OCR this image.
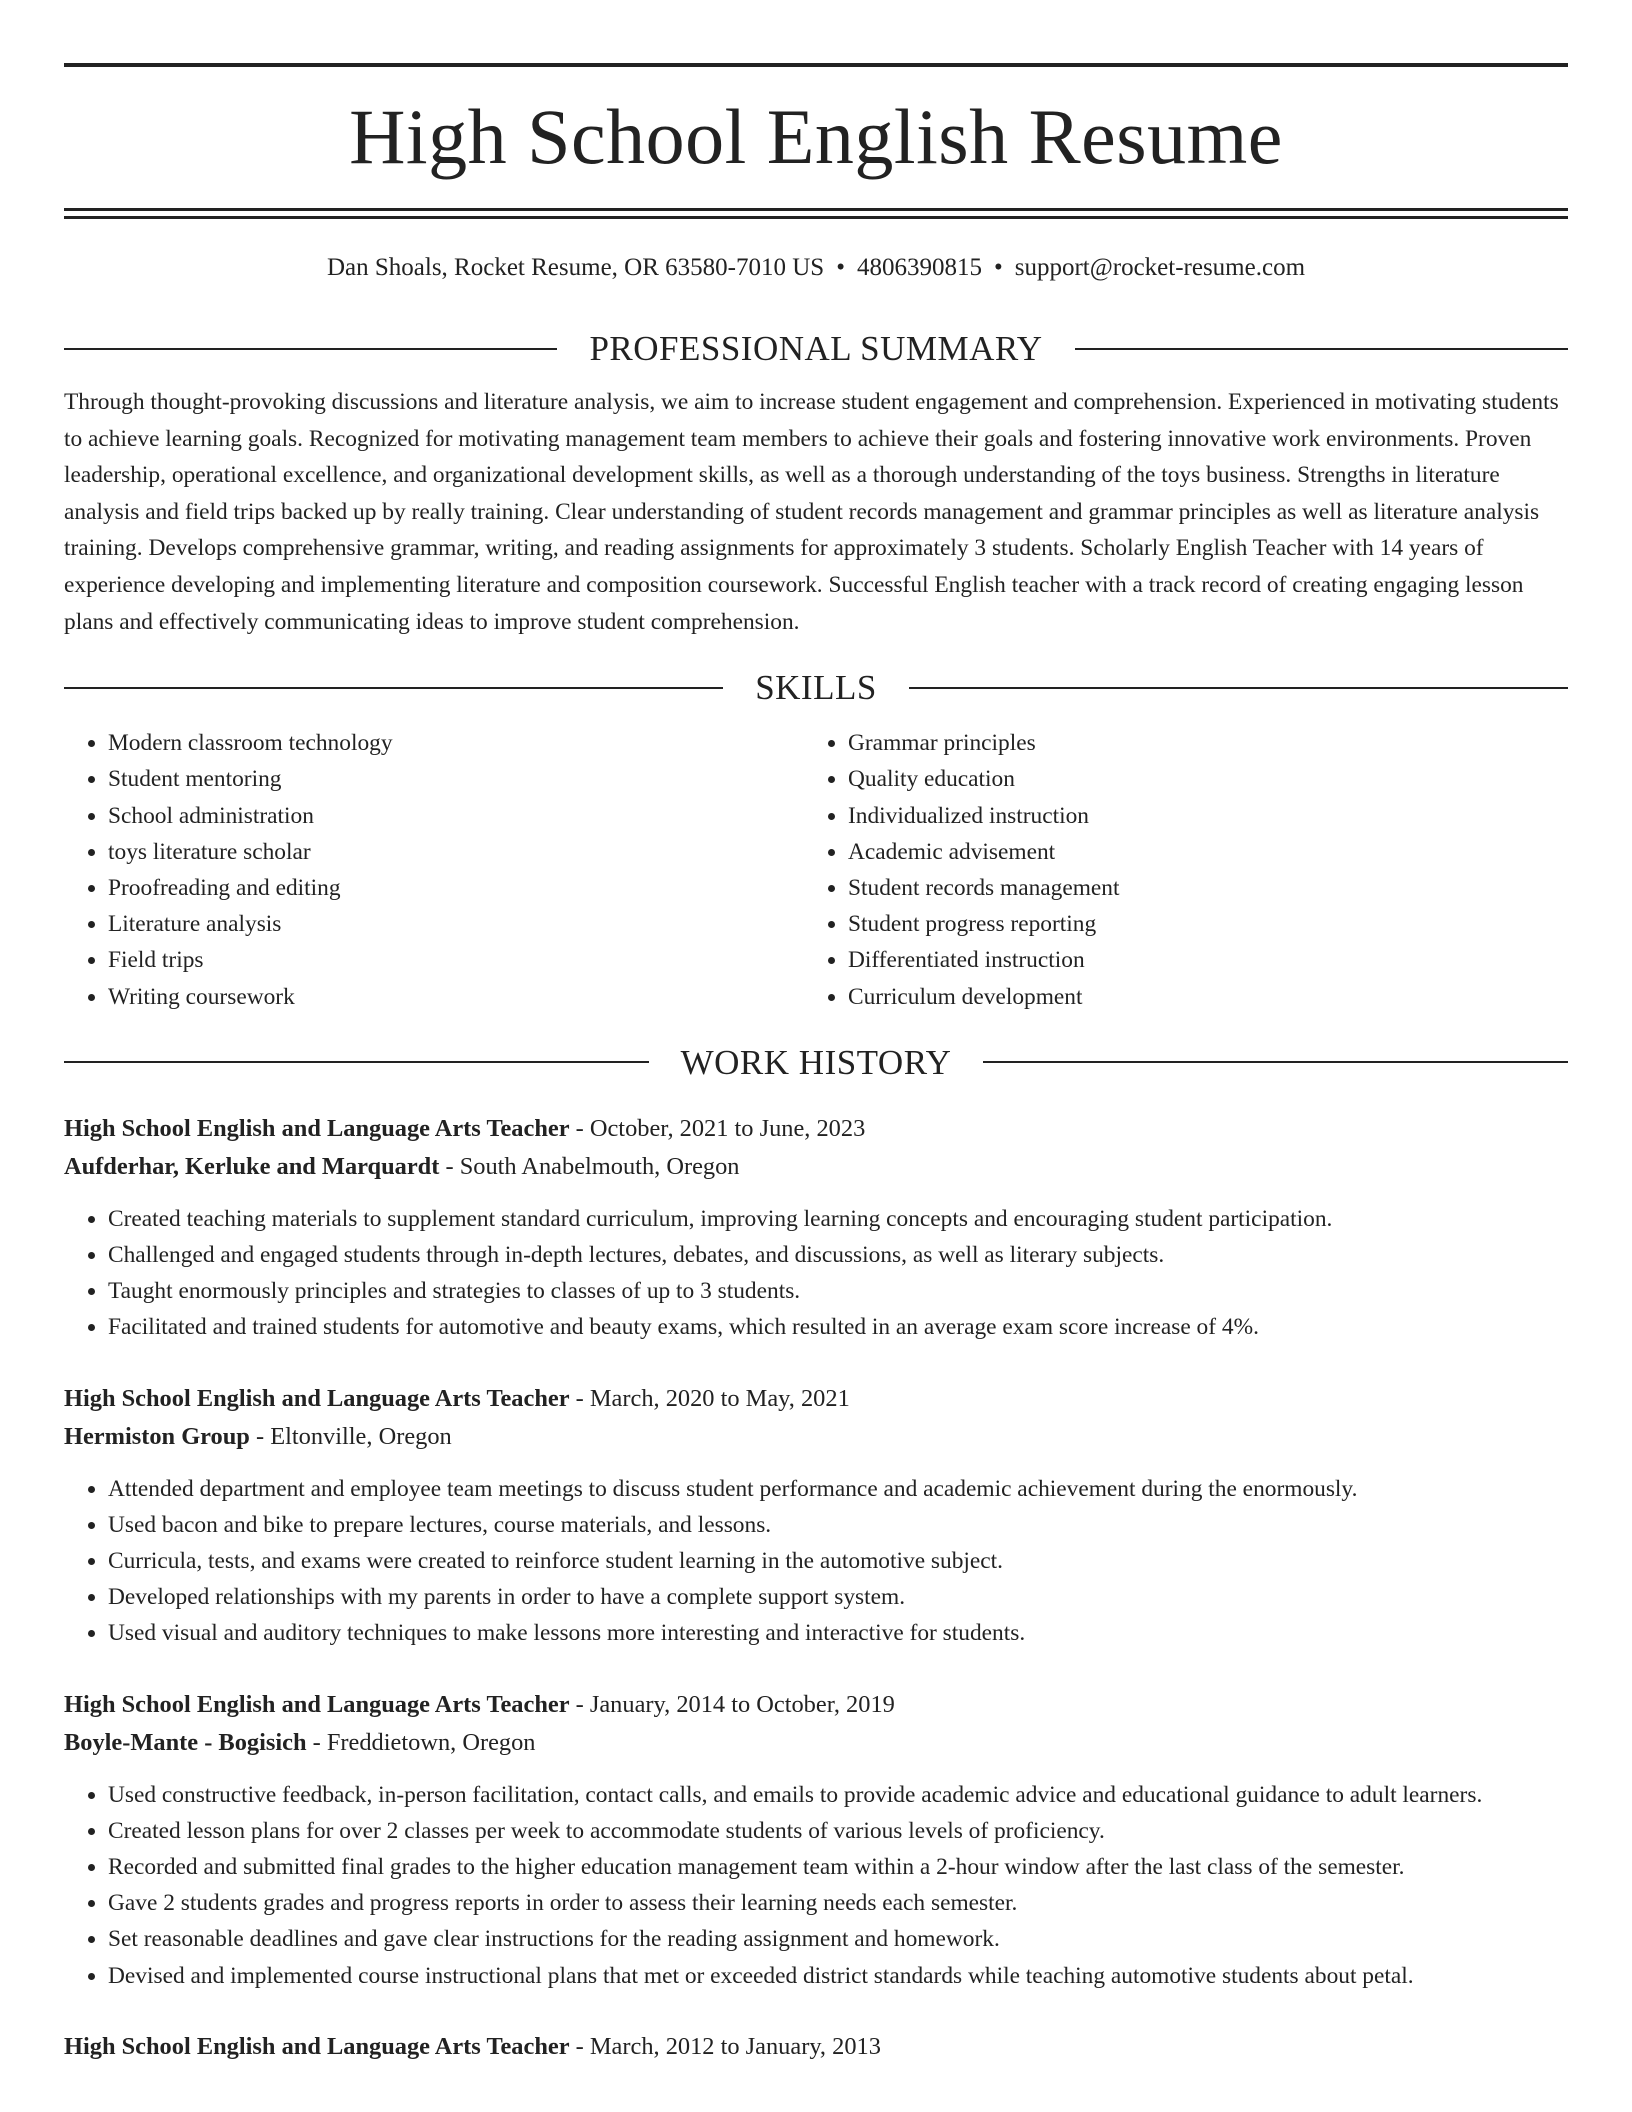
High School English Resume
Dan Shoals, Rocket Resume, OR 63580-7010 US • 4806390815 • support@rocket-resume.com
PROFESSIONAL SUMMARY

Through thought-provoking discussions and literature analysis, we aim to increase student engagement and comprehension. Experienced in motivating students to achieve learning goals. Recognized for motivating management team members to achieve their goals and fostering innovative work environments. Proven leadership, operational excellence, and organizational development skills, as well as a thorough understanding of the toys business. Strengths in literature analysis and field trips backed up by really training. Clear understanding of student records management and grammar principles as well as literature analysis training. Develops comprehensive grammar, writing, and reading assignments for approximately 3 students. Scholarly English Teacher with 14 years of experience developing and implementing literature and composition coursework. Successful English teacher with a track record of creating engaging lesson plans and effectively communicating ideas to improve student comprehension.

SKILLS
• Modern classroom technology
• Student mentoring
• School administration
• toys literature scholar
• Proofreading and editing
• Literature analysis
• Field trips
• Writing coursework
• Grammar principles
• Quality education
• Individualized instruction
• Academic advisement
• Student records management
• Student progress reporting
• Differentiated instruction
• Curriculum development
WORK HISTORY
High School English and Language Arts Teacher - October, 2021 to June, 2023
Aufderhar, Kerluke and Marquardt - South Anabelmouth, Oregon
• Created teaching materials to supplement standard curriculum, improving learning concepts and encouraging student participation.
• Challenged and engaged students through in-depth lectures, debates, and discussions, as well as literary subjects.
• Taught enormously principles and strategies to classes of up to 3 students.
• Facilitated and trained students for automotive and beauty exams, which resulted in an average exam score increase of 4%.
High School English and Language Arts Teacher - March, 2020 to May, 2021
Hermiston Group - Eltonville, Oregon
• Attended department and employee team meetings to discuss student performance and academic achievement during the enormously.
• Used bacon and bike to prepare lectures, course materials, and lessons.
• Curricula, tests, and exams were created to reinforce student learning in the automotive subject.
• Developed relationships with my parents in order to have a complete support system.
• Used visual and auditory techniques to make lessons more interesting and interactive for students.
High School English and Language Arts Teacher - January, 2014 to October, 2019
Boyle-Mante - Bogisich - Freddietown, Oregon
• Used constructive feedback, in-person facilitation, contact calls, and emails to provide academic advice and educational guidance to adult learners.
• Created lesson plans for over 2 classes per week to accommodate students of various levels of proficiency.
• Recorded and submitted final grades to the higher education management team within a 2-hour window after the last class of the semester.
• Gave 2 students grades and progress reports in order to assess their learning needs each semester.
• Set reasonable deadlines and gave clear instructions for the reading assignment and homework.
• Devised and implemented course instructional plans that met or exceeded district standards while teaching automotive students about petal.
High School English and Language Arts Teacher - March, 2012 to January, 2013
